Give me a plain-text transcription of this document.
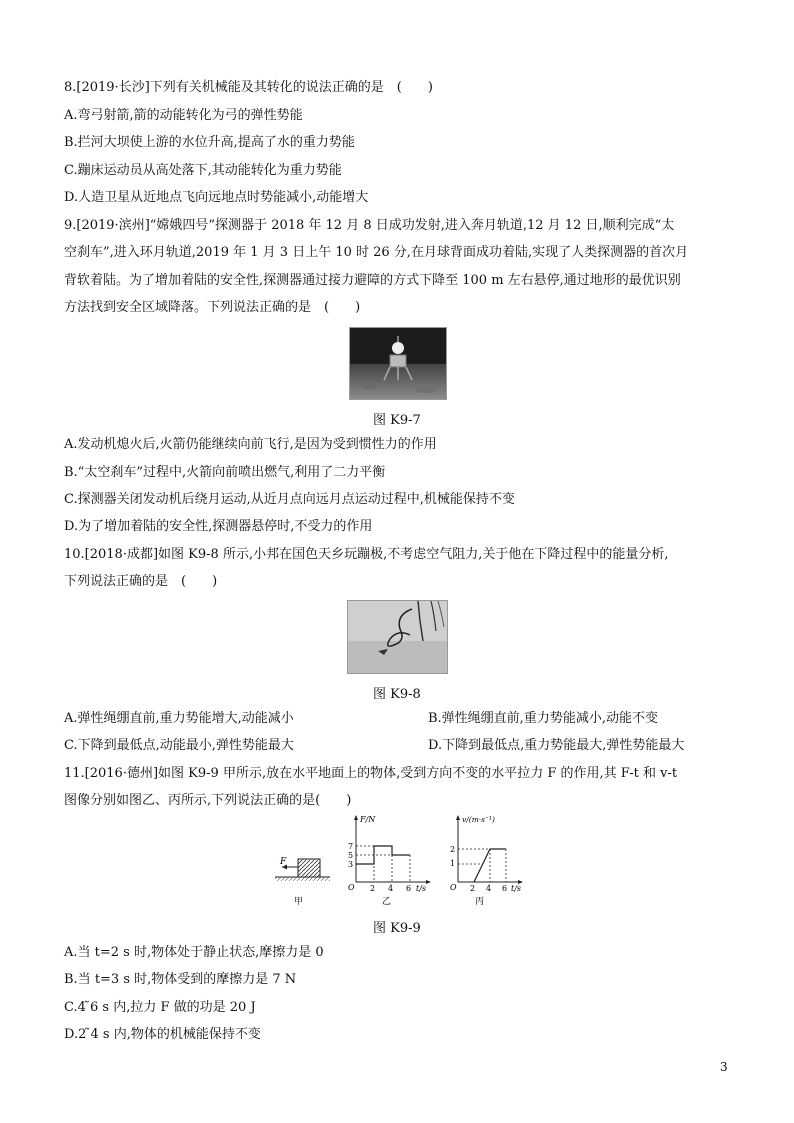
8.[2019·长沙]下列有关机械能及其转化的说法正确的是　(　　)
A.弯弓射箭,箭的动能转化为弓的弹性势能
B.拦河大坝使上游的水位升高,提高了水的重力势能
C.蹦床运动员从高处落下,其动能转化为重力势能
D.人造卫星从近地点飞向远地点时势能减小,动能增大
9.[2019·滨州]“嫦娥四号”探测器于 2018 年 12 月 8 日成功发射,进入奔月轨道,12 月 12 日,顺利完成“太
空刹车”,进入环月轨道,2019 年 1 月 3 日上午 10 时 26 分,在月球背面成功着陆,实现了人类探测器的首次月
背软着陆。为了增加着陆的安全性,探测器通过接力避障的方式下降至 100 m 左右悬停,通过地形的最优识别
方法找到安全区域降落。下列说法正确的是　(　　)
图 K9-7
A.发动机熄火后,火箭仍能继续向前飞行,是因为受到惯性力的作用
B.“太空刹车”过程中,火箭向前喷出燃气,利用了二力平衡
C.探测器关闭发动机后绕月运动,从近月点向远月点运动过程中,机械能保持不变
D.为了增加着陆的安全性,探测器悬停时,不受力的作用
10.[2018·成都]如图 K9-8 所示,小邦在国色天乡玩蹦极,不考虑空气阻力,关于他在下降过程中的能量分析,
下列说法正确的是　(　　)
图 K9-8
A.弹性绳绷直前,重力势能增大,动能减小	B.弹性绳绷直前,重力势能减小,动能不变
C.下降到最低点,动能最小,弹性势能最大	D.下降到最低点,重力势能最大,弹性势能最大
11.[2016·德州]如图 K9-9 甲所示,放在水平地面上的物体,受到方向不变的水平拉力 F 的作用,其 F-t 和 v-t
图像分别如图乙、丙所示,下列说法正确的是(　　)
F
甲
F/N
7
5
3
O 2 4 6 t/s
乙
v/(m·s⁻¹)
2
1
O 2 4 6 t/s
丙
图 K9-9
A.当 t=2 s 时,物体处于静止状态,摩擦力是 0
B.当 t=3 s 时,物体受到的摩擦力是 7 N
C.4 ̃6 s 内,拉力 F 做的功是 20 J
D.2 ̃4 s 内,物体的机械能保持不变
3
